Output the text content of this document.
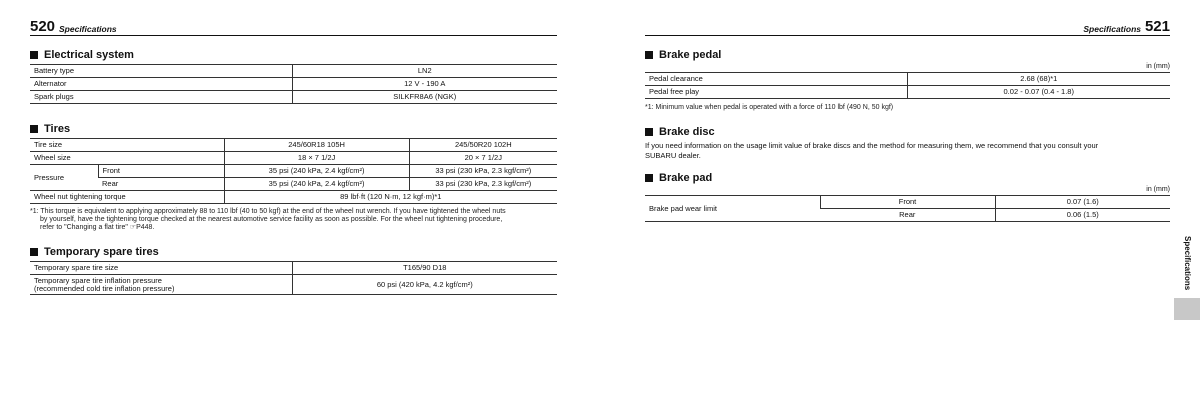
520 Specifications
Electrical system
Battery type	LN2
Alternator	12 V - 190 A
Spark plugs	SILKFR8A6 (NGK)
Tires
Tire size		245/60R18 105H	245/50R20 102H
Wheel size		18 × 7 1/2J	20 × 7 1/2J
Pressure	Front	35 psi (240 kPa, 2.4 kgf/cm²)	33 psi (230 kPa, 2.3 kgf/cm²)
	Rear	35 psi (240 kPa, 2.4 kgf/cm²)	33 psi (230 kPa, 2.3 kgf/cm²)
Wheel nut tightening torque		89 lbf·ft (120 N·m, 12 kgf·m)*1	
*1: This torque is equivalent to applying approximately 88 to 110 lbf (40 to 50 kgf) at the end of the wheel nut wrench. If you have tightened the wheel nuts
by yourself, have the tightening torque checked at the nearest automotive service facility as soon as possible. For the wheel nut tightening procedure,
refer to "Changing a flat tire" ☞P448.
Temporary spare tires
Temporary spare tire size	T165/90 D18

Temporary spare tire inflation pressure
(recommended cold tire inflation pressure)	60 psi (420 kPa, 4.2 kgf/cm²)
Specifications 521
Specifications
Brake pedal
in (mm)
Pedal clearance	2.68 (68)*1
Pedal free play	0.02 - 0.07 (0.4 - 1.8)
*1: Minimum value when pedal is operated with a force of 110 lbf (490 N, 50 kgf)
Brake disc
If you need information on the usage limit value of brake discs and the method for measuring them, we recommend that you consult your
SUBARU dealer.
Brake pad
in (mm)
Brake pad wear limit	Front	0.07 (1.6)
	Rear	0.06 (1.5)
